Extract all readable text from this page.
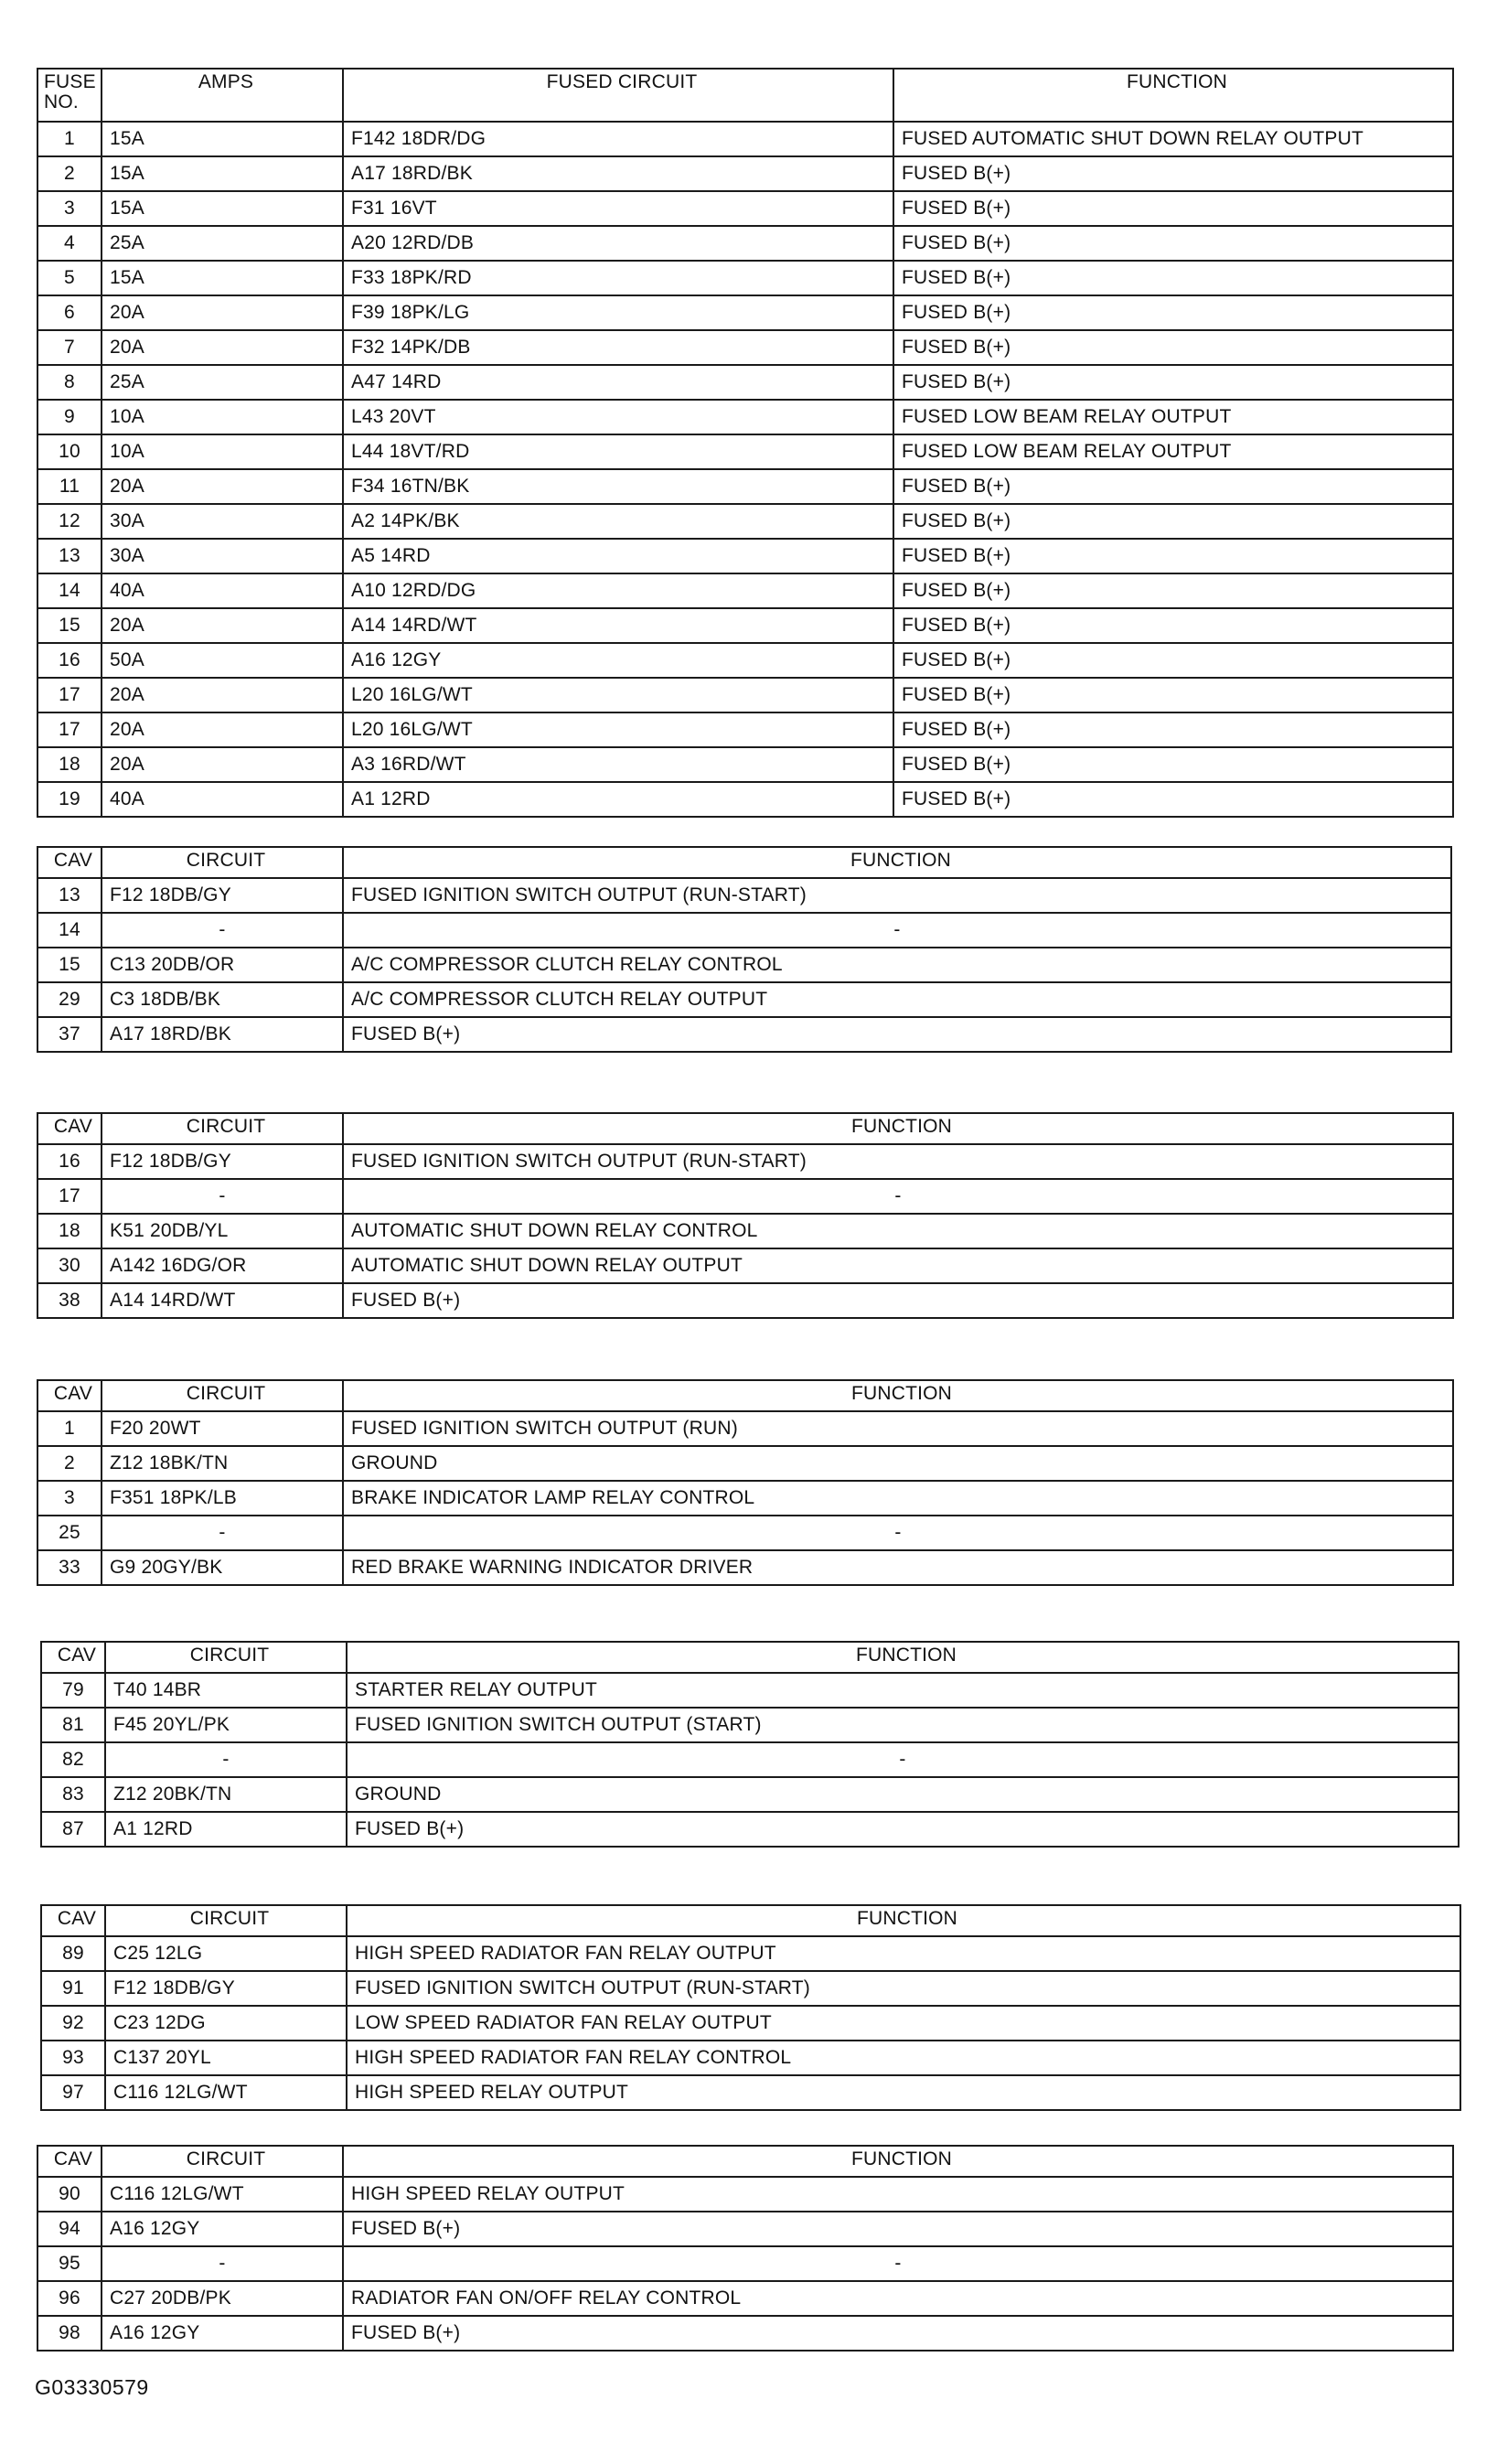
FUSE NO.	AMPS	FUSED CIRCUIT	FUNCTION
1	15A	F142 18DR/DG	FUSED AUTOMATIC SHUT DOWN RELAY OUTPUT
2	15A	A17 18RD/BK	FUSED B(+)
3	15A	F31 16VT	FUSED B(+)
4	25A	A20 12RD/DB	FUSED B(+)
5	15A	F33 18PK/RD	FUSED B(+)
6	20A	F39 18PK/LG	FUSED B(+)
7	20A	F32 14PK/DB	FUSED B(+)
8	25A	A47 14RD	FUSED B(+)
9	10A	L43 20VT	FUSED LOW BEAM RELAY OUTPUT
10	10A	L44 18VT/RD	FUSED LOW BEAM RELAY OUTPUT
11	20A	F34 16TN/BK	FUSED B(+)
12	30A	A2 14PK/BK	FUSED B(+)
13	30A	A5 14RD	FUSED B(+)
14	40A	A10 12RD/DG	FUSED B(+)
15	20A	A14 14RD/WT	FUSED B(+)
16	50A	A16 12GY	FUSED B(+)
17	20A	L20 16LG/WT	FUSED B(+)
17	20A	L20 16LG/WT	FUSED B(+)
18	20A	A3 16RD/WT	FUSED B(+)
19	40A	A1 12RD	FUSED B(+)
CAV	CIRCUIT	FUNCTION
13	F12 18DB/GY	FUSED IGNITION SWITCH OUTPUT (RUN-START)
14	-	-
15	C13 20DB/OR	A/C COMPRESSOR CLUTCH RELAY CONTROL
29	C3 18DB/BK	A/C COMPRESSOR CLUTCH RELAY OUTPUT
37	A17 18RD/BK	FUSED B(+)
CAV	CIRCUIT	FUNCTION
16	F12 18DB/GY	FUSED IGNITION SWITCH OUTPUT (RUN-START)
17	-	-
18	K51 20DB/YL	AUTOMATIC SHUT DOWN RELAY CONTROL
30	A142 16DG/OR	AUTOMATIC SHUT DOWN RELAY OUTPUT
38	A14 14RD/WT	FUSED B(+)
CAV	CIRCUIT	FUNCTION
1	F20 20WT	FUSED IGNITION SWITCH OUTPUT (RUN)
2	Z12 18BK/TN	GROUND
3	F351 18PK/LB	BRAKE INDICATOR LAMP RELAY CONTROL
25	-	-
33	G9 20GY/BK	RED BRAKE WARNING INDICATOR DRIVER
CAV	CIRCUIT	FUNCTION
79	T40 14BR	STARTER RELAY OUTPUT
81	F45 20YL/PK	FUSED IGNITION SWITCH OUTPUT (START)
82	-	-
83	Z12 20BK/TN	GROUND
87	A1 12RD	FUSED B(+)
CAV	CIRCUIT	FUNCTION
89	C25 12LG	HIGH SPEED RADIATOR FAN RELAY OUTPUT
91	F12 18DB/GY	FUSED IGNITION SWITCH OUTPUT (RUN-START)
92	C23 12DG	LOW SPEED RADIATOR FAN RELAY OUTPUT
93	C137 20YL	HIGH SPEED RADIATOR FAN RELAY CONTROL
97	C116 12LG/WT	HIGH SPEED RELAY OUTPUT
CAV	CIRCUIT	FUNCTION
90	C116 12LG/WT	HIGH SPEED RELAY OUTPUT
94	A16 12GY	FUSED B(+)
95	-	-
96	C27 20DB/PK	RADIATOR FAN ON/OFF RELAY CONTROL
98	A16 12GY	FUSED B(+)
G03330579
